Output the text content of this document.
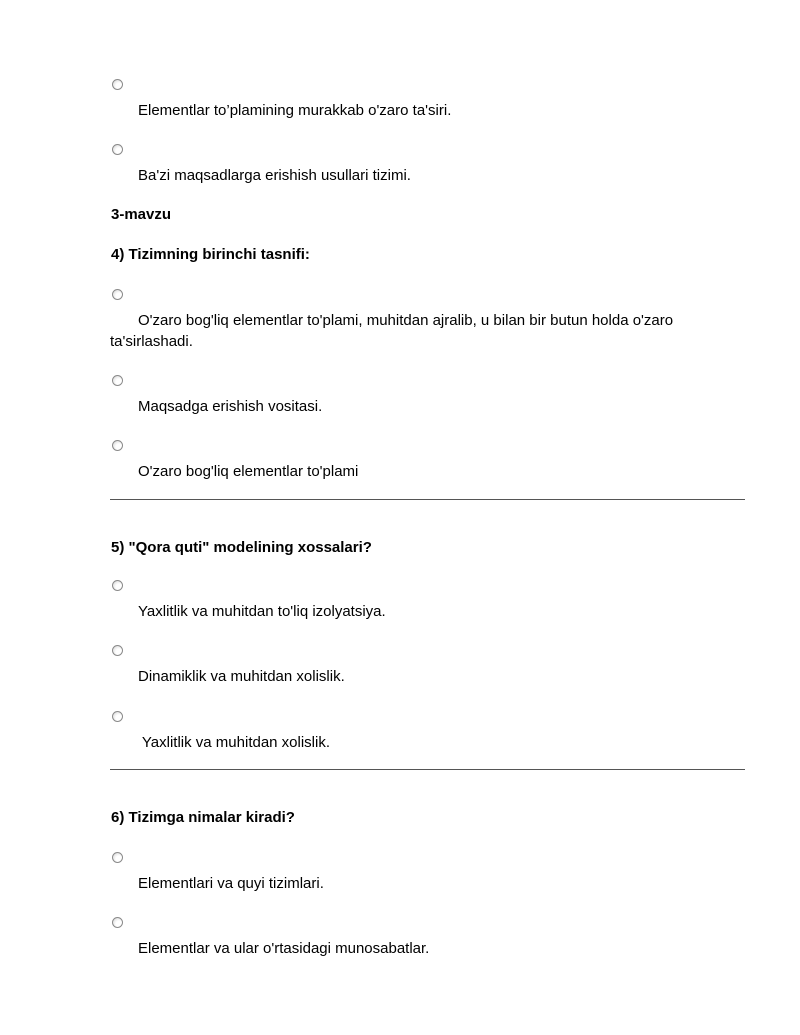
Elementlar to’plamining murakkab o'zaro ta'siri.
Ba'zi maqsadlarga erishish usullari tizimi.
3-mavzu
4) Tizimning birinchi tasnifi:
O'zaro bog'liq elementlar to'plami, muhitdan ajralib, u bilan bir butun holda o'zaro ta'sirlashadi.
Maqsadga erishish vositasi.
O'zaro bog'liq elementlar to'plami
5) "Qora quti" modelining xossalari?
Yaxlitlik va muhitdan to'liq izolyatsiya.
Dinamiklik va muhitdan xolislik.
Yaxlitlik va muhitdan xolislik.
6) Tizimga nimalar kiradi?
Elementlari va quyi tizimlari.
Elementlar va ular o'rtasidagi munosabatlar.
